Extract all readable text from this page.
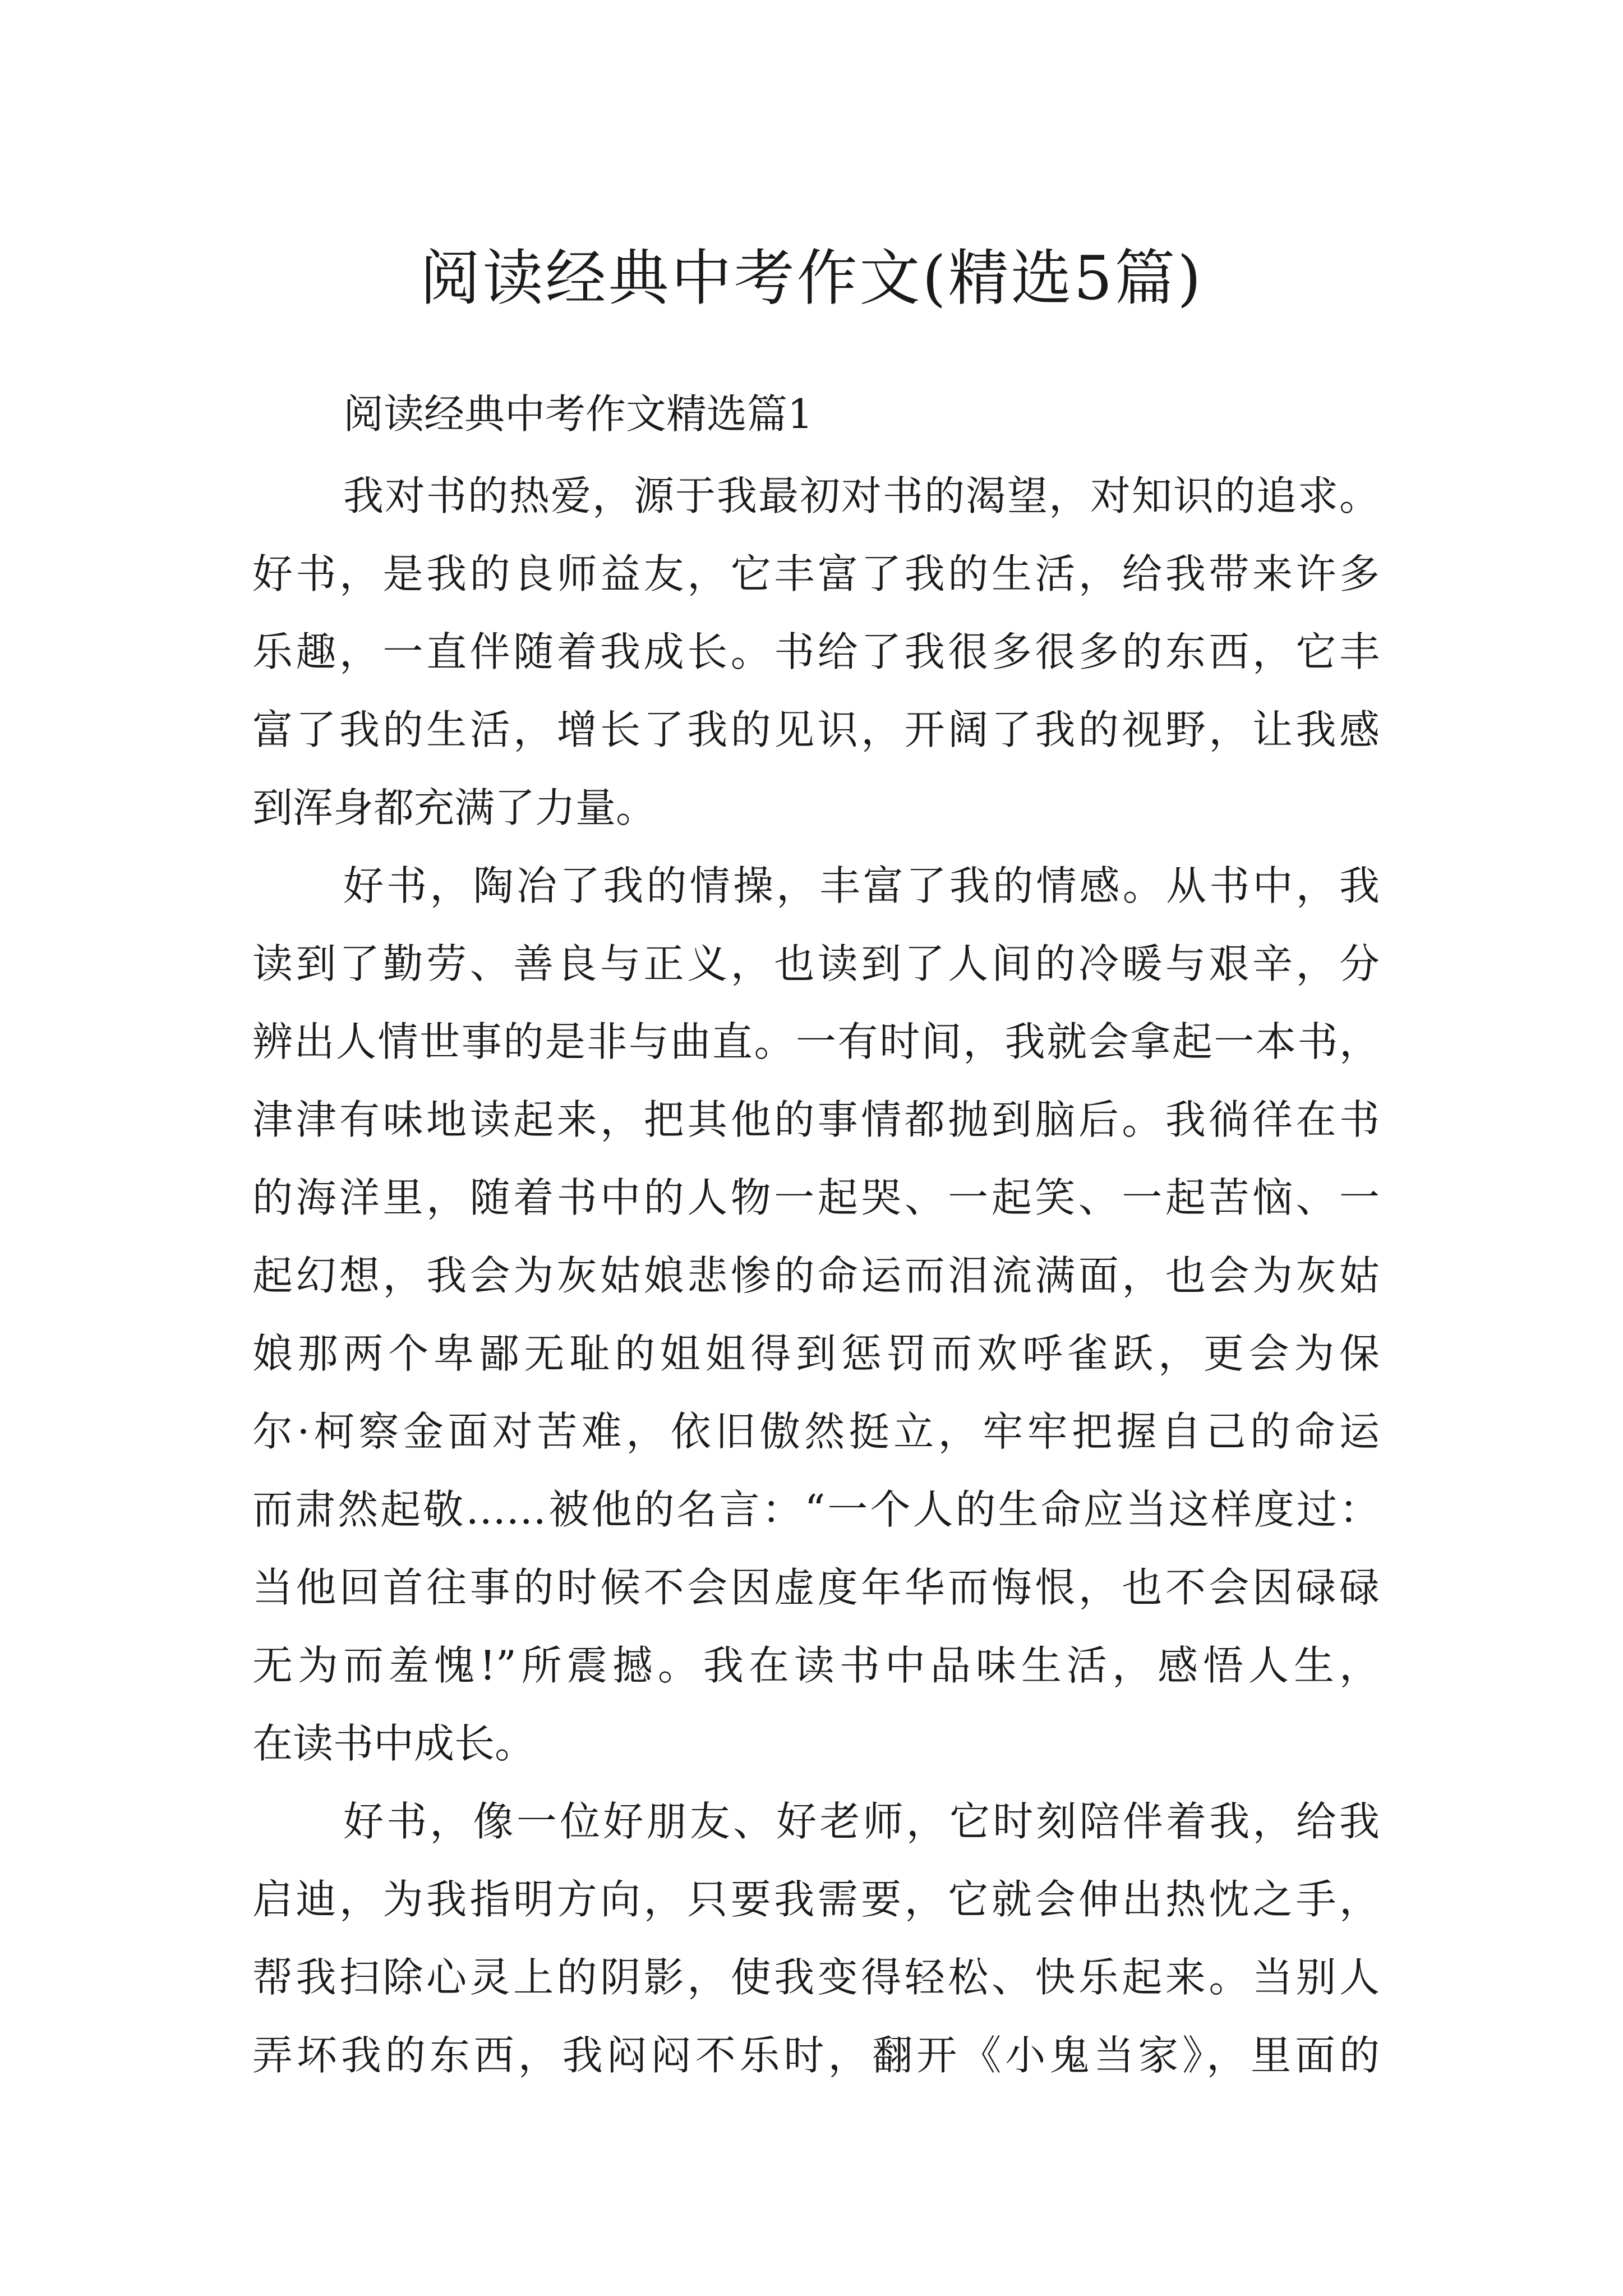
阅读经典中考作文(精选5篇)
阅读经典中考作文精选篇1
我对书的热爱，源于我最初对书的渴望，对知识的追求。
好书，是我的良师益友，它丰富了我的生活，给我带来许多
乐趣，一直伴随着我成长。书给了我很多很多的东西，它丰
富了我的生活，增长了我的见识，开阔了我的视野，让我感
到浑身都充满了力量。
好书，陶冶了我的情操，丰富了我的情感。从书中，我
读到了勤劳、善良与正义，也读到了人间的冷暖与艰辛，分
辨出人情世事的是非与曲直。一有时间，我就会拿起一本书，
津津有味地读起来，把其他的事情都抛到脑后。我徜徉在书
的海洋里，随着书中的人物一起哭、一起笑、一起苦恼、一
起幻想，我会为灰姑娘悲惨的命运而泪流满面，也会为灰姑
娘那两个卑鄙无耻的姐姐得到惩罚而欢呼雀跃，更会为保
尔·柯察金面对苦难，依旧傲然挺立，牢牢把握自己的命运
而肃然起敬……被他的名言：“一个人的生命应当这样度过：
当他回首往事的时候不会因虚度年华而悔恨，也不会因碌碌
无为而羞愧!”所震撼。我在读书中品味生活，感悟人生，
在读书中成长。
好书，像一位好朋友、好老师，它时刻陪伴着我，给我
启迪，为我指明方向，只要我需要，它就会伸出热忱之手，
帮我扫除心灵上的阴影，使我变得轻松、快乐起来。当别人
弄坏我的东西，我闷闷不乐时，翻开《小鬼当家》，里面的
